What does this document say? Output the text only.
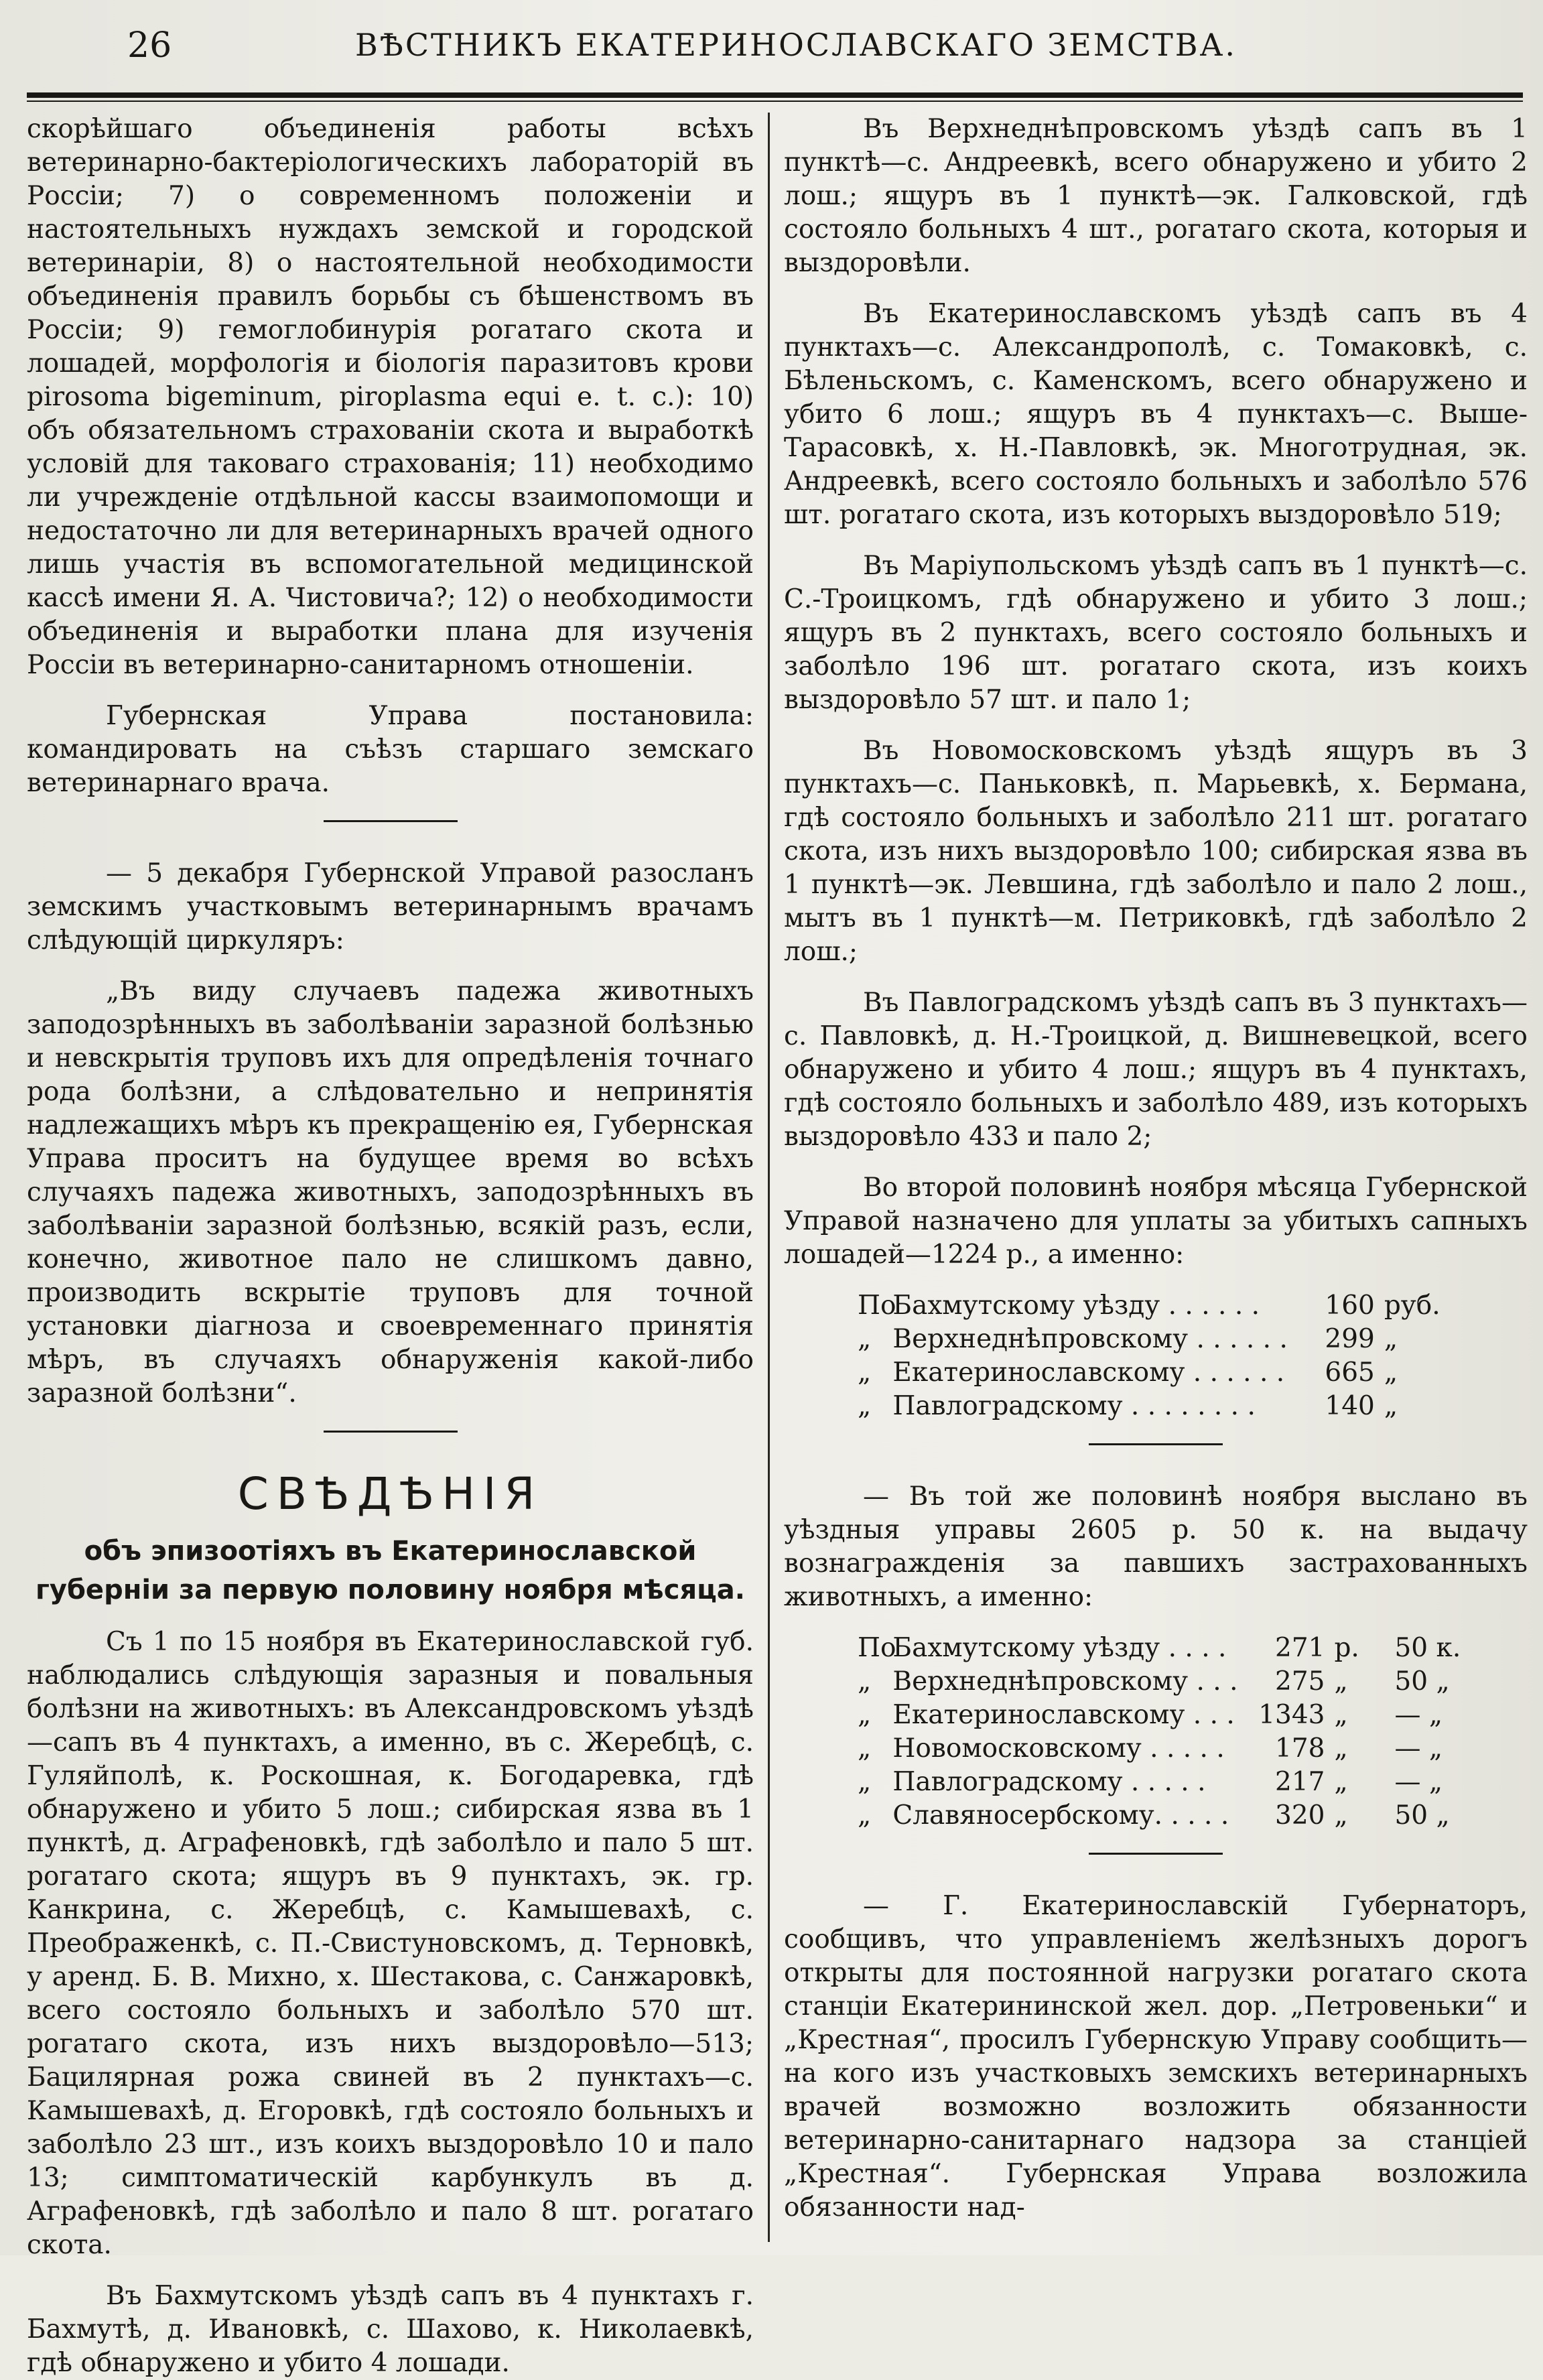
26	ВѢСТНИКЪ ЕКАТЕРИНОСЛАВСКАГО ЗЕМСТВА.

скорѣйшаго объединенія работы всѣхъ ветеринарно-бактеріологическихъ лабораторій въ Россіи; 7) о современномъ положеніи и настоятельныхъ нуждахъ земской и городской ветеринаріи, 8) о настоятельной необходимости объединенія правилъ борьбы съ бѣшенствомъ въ Россіи; 9) гемоглобинурія рогатаго скота и лошадей, морфологія и біологія паразитовъ крови pirosoma bigeminum, piroplasma equi e. t. c.): 10) объ обязательномъ страхованіи скота и выработкѣ условій для таковаго страхованія; 11) необходимо ли учрежденіе отдѣльной кассы взаимопомощи и недостаточно ли для ветеринарныхъ врачей одного лишь участія въ вспомогательной медицинской кассѣ имени Я. А. Чистовича?; 12) о необходимости объединенія и выработки плана для изученія Россіи въ ветеринарно-санитарномъ отношеніи.

Губернская Управа постановила: командировать на съѣзъ старшаго земскаго ветеринарнаго врача.

— 5 декабря Губернской Управой разосланъ земскимъ участковымъ ветеринарнымъ врачамъ слѣдующій циркуляръ:

„Въ виду случаевъ падежа животныхъ заподозрѣнныхъ въ заболѣваніи заразной болѣзнью и невскрытія труповъ ихъ для опредѣленія точнаго рода болѣзни, а слѣдовательно и непринятія надлежащихъ мѣръ къ прекращенію ея, Губернская Управа проситъ на будущее время во всѣхъ случаяхъ падежа животныхъ, заподозрѣнныхъ въ заболѣваніи заразной болѣзнью, всякій разъ, если, конечно, животное пало не слишкомъ давно, производить вскрытіе труповъ для точной установки діагноза и своевременнаго принятія мѣръ, въ случаяхъ обнаруженія какой-либо заразной болѣзни“.

СВѢДѢНІЯ
объ эпизоотіяхъ въ Екатеринославской губерніи за первую половину ноября мѣсяца.

Съ 1 по 15 ноября въ Екатеринославской губ. наблюдались слѣдующія заразныя и повальныя болѣзни на животныхъ: въ Александровскомъ уѣздѣ—сапъ въ 4 пунктахъ, а именно, въ с. Жеребцѣ, с. Гуляйполѣ, к. Роскошная, к. Богодаревка, гдѣ обнаружено и убито 5 лош.; сибирская язва въ 1 пунктѣ, д. Аграфеновкѣ, гдѣ заболѣло и пало 5 шт. рогатаго скота; ящуръ въ 9 пунктахъ, эк. гр. Канкрина, с. Жеребцѣ, с. Камышевахѣ, с. Преображенкѣ, с. П.-Свистуновскомъ, д. Терновкѣ, у аренд. Б. В. Михно, х. Шестакова, с. Санжаровкѣ, всего состояло больныхъ и заболѣло 570 шт. рогатаго скота, изъ нихъ выздоровѣло—513; Бацилярная рожа свиней въ 2 пунктахъ—с. Камышевахѣ, д. Егоровкѣ, гдѣ состояло больныхъ и заболѣло 23 шт., изъ коихъ выздоровѣло 10 и пало 13; симптоматическій карбункулъ въ д. Аграфеновкѣ, гдѣ заболѣло и пало 8 шт. рогатаго скота.

Въ Бахмутскомъ уѣздѣ сапъ въ 4 пунктахъ г. Бахмутѣ, д. Ивановкѣ, с. Шахово, к. Николаевкѣ, гдѣ обнаружено и убито 4 лошади.

Въ Верхнеднѣпровскомъ уѣздѣ сапъ въ 1 пунктѣ—с. Андреевкѣ, всего обнаружено и убито 2 лош.; ящуръ въ 1 пунктѣ—эк. Галковской, гдѣ состояло больныхъ 4 шт., рогатаго скота, которыя и выздоровѣли.

Въ Екатеринославскомъ уѣздѣ сапъ въ 4 пунктахъ—с. Александрополѣ, с. Томаковкѣ, с. Бѣленьскомъ, с. Каменскомъ, всего обнаружено и убито 6 лош.; ящуръ въ 4 пунктахъ—с. Выше-Тарасовкѣ, х. Н.-Павловкѣ, эк. Многотрудная, эк. Андреевкѣ, всего состояло больныхъ и заболѣло 576 шт. рогатаго скота, изъ которыхъ выздоровѣло 519;

Въ Маріупольскомъ уѣздѣ сапъ въ 1 пунктѣ—с. С.-Троицкомъ, гдѣ обнаружено и убито 3 лош.; ящуръ въ 2 пунктахъ, всего состояло больныхъ и заболѣло 196 шт. рогатаго скота, изъ коихъ выздоровѣло 57 шт. и пало 1;

Въ Новомосковскомъ уѣздѣ ящуръ въ 3 пунктахъ—с. Паньковкѣ, п. Марьевкѣ, х. Бермана, гдѣ состояло больныхъ и заболѣло 211 шт. рогатаго скота, изъ нихъ выздоровѣло 100; сибирская язва въ 1 пунктѣ—эк. Левшина, гдѣ заболѣло и пало 2 лош., мытъ въ 1 пунктѣ—м. Петриковкѣ, гдѣ заболѣло 2 лош.;

Въ Павлоградскомъ уѣздѣ сапъ въ 3 пунктахъ—с. Павловкѣ, д. Н.-Троицкой, д. Вишневецкой, всего обнаружено и убито 4 лош.; ящуръ въ 4 пунктахъ, гдѣ состояло больныхъ и заболѣло 489, изъ которыхъ выздоровѣло 433 и пало 2;

Во второй половинѣ ноября мѣсяца Губернской Управой назначено для уплаты за убитыхъ сапныхъ лошадей—1224 р., а именно:

По Бахмутскому уѣзду . . . . . .	160	руб.
„ Верхнеднѣпровскому . . . . . .	299	„
„ Екатеринославскому . . . . . .	665	„
„ Павлоградскому . . . . . . . .	140	„

— Въ той же половинѣ ноября выслано въ уѣздныя управы 2605 р. 50 к. на выдачу вознагражденія за павшихъ застрахованныхъ животныхъ, а именно:

По Бахмутскому уѣзду . . . .	271	р.	50 к.
„ Верхнеднѣпровскому . . .	275	„	50 „
„ Екатеринославскому . . .	1343	„	— „
„ Новомосковскому . . . . .	178	„	— „
„ Павлоградскому . . . . .	217	„	— „
„ Славяносербскому. . . . .	320	„	50 „

— Г. Екатеринославскій Губернаторъ, сообщивъ, что управленіемъ желѣзныхъ дорогъ открыты для постоянной нагрузки рогатаго скота станціи Екатерининской жел. дор. „Петровеньки“ и „Крестная“, просилъ Губернскую Управу сообщить—на кого изъ участковыхъ земскихъ ветеринарныхъ врачей возможно возложить обязанности ветеринарно-санитарнаго надзора за станціей „Крестная“. Губернская Управа возложила обязанности над-
